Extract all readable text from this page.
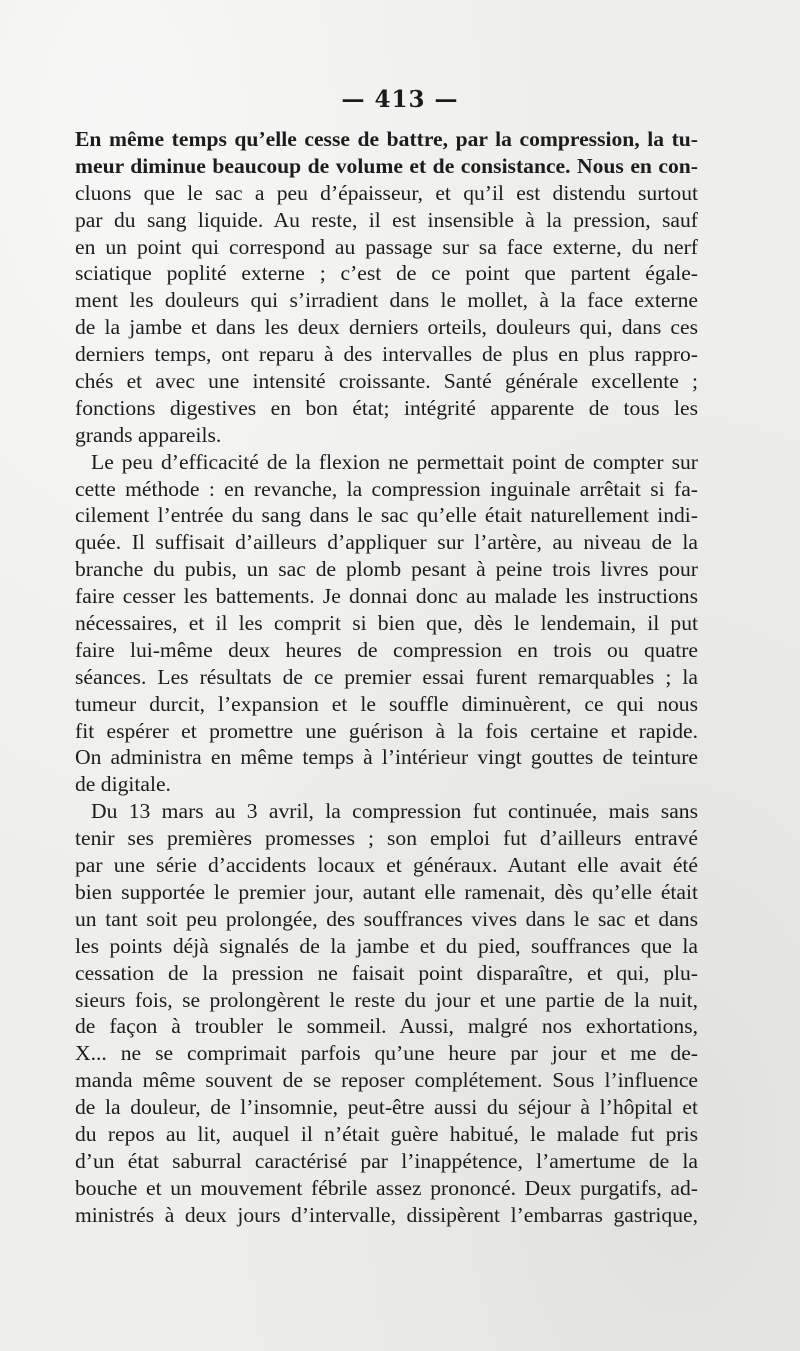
— 413 —
En même temps qu’elle cesse de battre, par la compression, la tu-
meur diminue beaucoup de volume et de consistance. Nous en con-
cluons que le sac a peu d’épaisseur, et qu’il est distendu surtout
par du sang liquide. Au reste, il est insensible à la pression, sauf
en un point qui correspond au passage sur sa face externe, du nerf
sciatique poplité externe ; c’est de ce point que partent égale-
ment les douleurs qui s’irradient dans le mollet, à la face externe
de la jambe et dans les deux derniers orteils, douleurs qui, dans ces
derniers temps, ont reparu à des intervalles de plus en plus rappro-
chés et avec une intensité croissante. Santé générale excellente ;
fonctions digestives en bon état; intégrité apparente de tous les
grands appareils.
Le peu d’efficacité de la flexion ne permettait point de compter sur
cette méthode : en revanche, la compression inguinale arrêtait si fa-
cilement l’entrée du sang dans le sac qu’elle était naturellement indi-
quée. Il suffisait d’ailleurs d’appliquer sur l’artère, au niveau de la
branche du pubis, un sac de plomb pesant à peine trois livres pour
faire cesser les battements. Je donnai donc au malade les instructions
nécessaires, et il les comprit si bien que, dès le lendemain, il put
faire lui-même deux heures de compression en trois ou quatre
séances. Les résultats de ce premier essai furent remarquables ; la
tumeur durcit, l’expansion et le souffle diminuèrent, ce qui nous
fit espérer et promettre une guérison à la fois certaine et rapide.
On administra en même temps à l’intérieur vingt gouttes de teinture
de digitale.
Du 13 mars au 3 avril, la compression fut continuée, mais sans
tenir ses premières promesses ; son emploi fut d’ailleurs entravé
par une série d’accidents locaux et généraux. Autant elle avait été
bien supportée le premier jour, autant elle ramenait, dès qu’elle était
un tant soit peu prolongée, des souffrances vives dans le sac et dans
les points déjà signalés de la jambe et du pied, souffrances que la
cessation de la pression ne faisait point disparaître, et qui, plu-
sieurs fois, se prolongèrent le reste du jour et une partie de la nuit,
de façon à troubler le sommeil. Aussi, malgré nos exhortations,
X... ne se comprimait parfois qu’une heure par jour et me de-
manda même souvent de se reposer complétement. Sous l’influence
de la douleur, de l’insomnie, peut-être aussi du séjour à l’hôpital et
du repos au lit, auquel il n’était guère habitué, le malade fut pris
d’un état saburral caractérisé par l’inappétence, l’amertume de la
bouche et un mouvement fébrile assez prononcé. Deux purgatifs, ad-
ministrés à deux jours d’intervalle, dissipèrent l’embarras gastrique,
